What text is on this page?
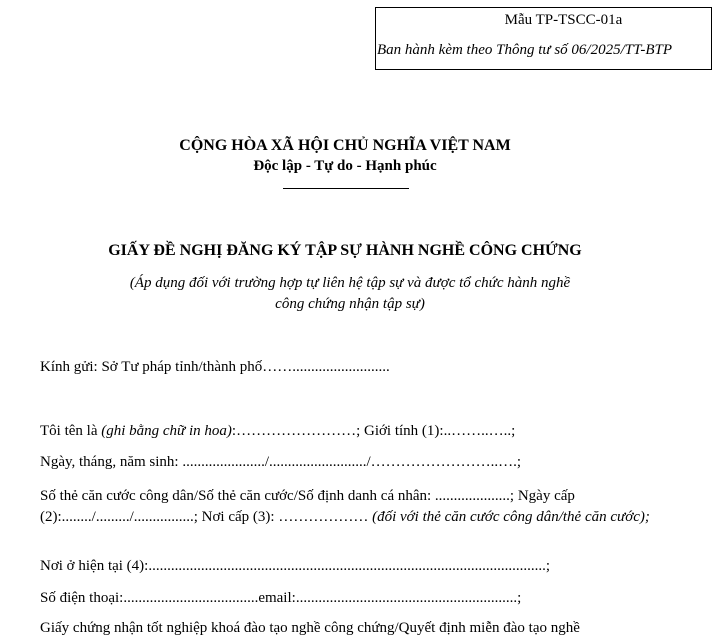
Mẫu TP-TSCC-01a
Ban hành kèm theo Thông tư số 06/2025/TT-BTP
CỘNG HÒA XÃ HỘI CHỦ NGHĨA VIỆT NAM
Độc lập - Tự do - Hạnh phúc
GIẤY ĐỀ NGHỊ ĐĂNG KÝ TẬP SỰ HÀNH NGHỀ CÔNG CHỨNG
(Áp dụng đối với trường hợp tự liên hệ tập sự và được tổ chức hành nghề
công chứng nhận tập sự)
Kính gửi: Sở Tư pháp tỉnh/thành phố……..........................
Tôi tên là (ghi bằng chữ in hoa):……………………; Giới tính (1):..……..…..;
Ngày, tháng, năm sinh: ....................../........................../……………………..….;
Số thẻ căn cước công dân/Số thẻ căn cước/Số định danh cá nhân: ....................; Ngày cấp (2):......../........./................; Nơi cấp (3): ……………… (đối với thẻ căn cước công dân/thẻ căn cước);
Nơi ở hiện tại (4):..........................................................................................................;
Số điện thoại:....................................email:...........................................................;
Giấy chứng nhận tốt nghiệp khoá đào tạo nghề công chứng/Quyết định miễn đào tạo nghề
